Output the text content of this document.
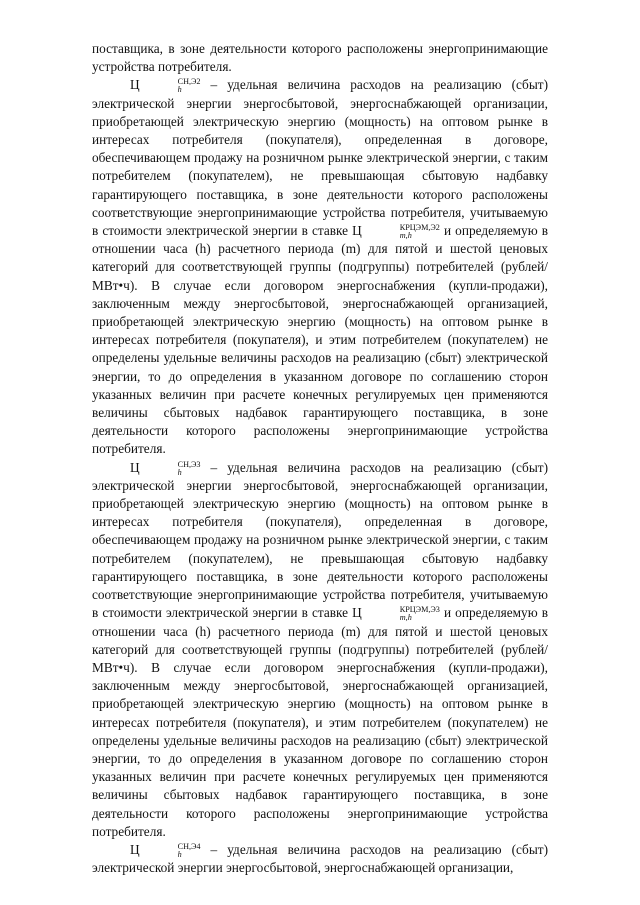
поставщика, в зоне деятельности которого расположены энергопринимающие устройства потребителя.

Ц	СН,Э2
h	– удельная величина расходов на реализацию (сбыт) электрической энергии энергосбытовой, энергоснабжающей организации, приобретающей электрическую энергию (мощность) на оптовом рынке в интересах потребителя (покупателя), определенная в договоре, обеспечивающем продажу на розничном рынке электрической энергии, с таким потребителем (покупателем), не превышающая сбытовую надбавку гарантирующего поставщика, в зоне деятельности которого расположены соответствующие энергопринимающие устройства потребителя, учитываемую в стоимости электрической энергии в ставке Ц	КРЦЭМ,Э2
m,h	и определяемую в отношении часа (h) расчетного периода (m) для пятой и шестой ценовых категорий для соответствующей группы (подгруппы) потребителей (рублей/МВт•ч). В случае если договором энергоснабжения (купли-продажи), заключенным между энергосбытовой, энергоснабжающей организацией, приобретающей электрическую энергию (мощность) на оптовом рынке в интересах потребителя (покупателя), и этим потребителем (покупателем) не определены удельные величины расходов на реализацию (сбыт) электрической энергии, то до определения в указанном договоре по соглашению сторон указанных величин при расчете конечных регулируемых цен применяются величины сбытовых надбавок гарантирующего поставщика, в зоне деятельности которого расположены энергопринимающие устройства потребителя.

Ц	СН,Э3
h	– удельная величина расходов на реализацию (сбыт) электрической энергии энергосбытовой, энергоснабжающей организации, приобретающей электрическую энергию (мощность) на оптовом рынке в интересах потребителя (покупателя), определенная в договоре, обеспечивающем продажу на розничном рынке электрической энергии, с таким потребителем (покупателем), не превышающая сбытовую надбавку гарантирующего поставщика, в зоне деятельности которого расположены соответствующие энергопринимающие устройства потребителя, учитываемую в стоимости электрической энергии в ставке Ц	КРЦЭМ,Э3
m,h	и определяемую в отношении часа (h) расчетного периода (m) для пятой и шестой ценовых категорий для соответствующей группы (подгруппы) потребителей (рублей/МВт•ч). В случае если договором энергоснабжения (купли-продажи), заключенным между энергосбытовой, энергоснабжающей организацией, приобретающей электрическую энергию (мощность) на оптовом рынке в интересах потребителя (покупателя), и этим потребителем (покупателем) не определены удельные величины расходов на реализацию (сбыт) электрической энергии, то до определения в указанном договоре по соглашению сторон указанных величин при расчете конечных регулируемых цен применяются величины сбытовых надбавок гарантирующего поставщика, в зоне деятельности которого расположены энергопринимающие устройства потребителя.

Ц	СН,Э4
h	– удельная величина расходов на реализацию (сбыт) электрической энергии энергосбытовой, энергоснабжающей организации,
